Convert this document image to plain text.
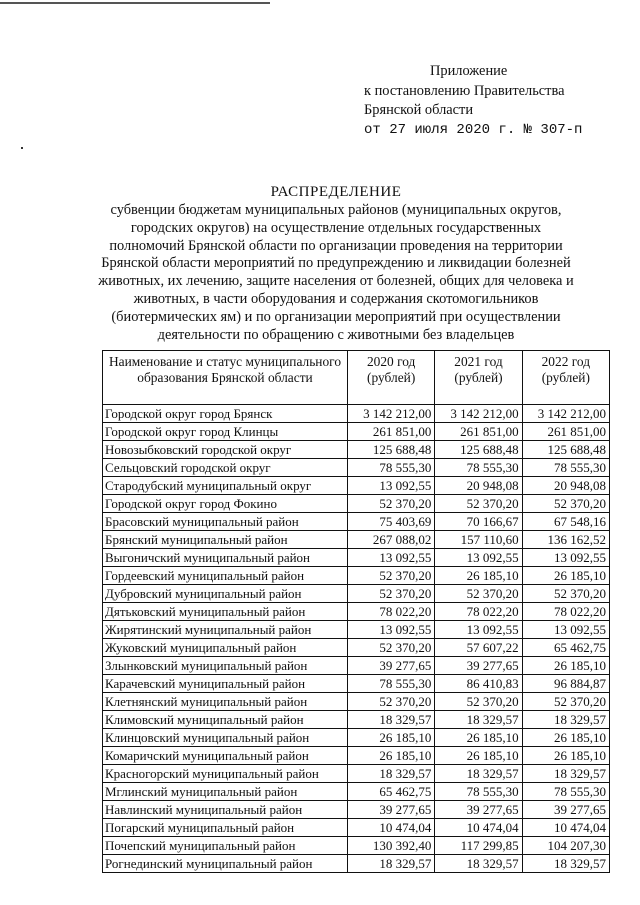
Приложение
к постановлению Правительства
Брянской области
от 27 июля 2020 г. № 307-п
РАСПРЕДЕЛЕНИЕ
субвенции бюджетам муниципальных районов (муниципальных округов, городских округов) на осуществление отдельных государственных полномочий Брянской области по организации проведения на территории Брянской области мероприятий по предупреждению и ликвидации болезней животных, их лечению, защите населения от болезней, общих для человека и животных, в части оборудования и содержания скотомогильников (биотермических ям) и по организации мероприятий при осуществлении деятельности по обращению с животными без владельцев
Наименование и статус муниципального образования Брянской области	2020 год (рублей)	2021 год (рублей)	2022 год (рублей)
Городской округ город Брянск	3 142 212,00	3 142 212,00	3 142 212,00
Городской округ город Клинцы	261 851,00	261 851,00	261 851,00
Новозыбковский городской округ	125 688,48	125 688,48	125 688,48
Сельцовский городской округ	78 555,30	78 555,30	78 555,30
Стародубский муниципальный округ	13 092,55	20 948,08	20 948,08
Городской округ город Фокино	52 370,20	52 370,20	52 370,20
Брасовский муниципальный район	75 403,69	70 166,67	67 548,16
Брянский муниципальный район	267 088,02	157 110,60	136 162,52
Выгоничский муниципальный район	13 092,55	13 092,55	13 092,55
Гордеевский муниципальный район	52 370,20	26 185,10	26 185,10
Дубровский муниципальный район	52 370,20	52 370,20	52 370,20
Дятьковский муниципальный район	78 022,20	78 022,20	78 022,20
Жирятинский муниципальный район	13 092,55	13 092,55	13 092,55
Жуковский муниципальный район	52 370,20	57 607,22	65 462,75
Злынковский муниципальный район	39 277,65	39 277,65	26 185,10
Карачевский муниципальный район	78 555,30	86 410,83	96 884,87
Клетнянский муниципальный район	52 370,20	52 370,20	52 370,20
Климовский муниципальный район	18 329,57	18 329,57	18 329,57
Клинцовский муниципальный район	26 185,10	26 185,10	26 185,10
Комаричский муниципальный район	26 185,10	26 185,10	26 185,10
Красногорский муниципальный район	18 329,57	18 329,57	18 329,57
Мглинский муниципальный район	65 462,75	78 555,30	78 555,30
Навлинский муниципальный район	39 277,65	39 277,65	39 277,65
Погарский муниципальный район	10 474,04	10 474,04	10 474,04
Почепский муниципальный район	130 392,40	117 299,85	104 207,30
Рогнединский муниципальный район	18 329,57	18 329,57	18 329,57
